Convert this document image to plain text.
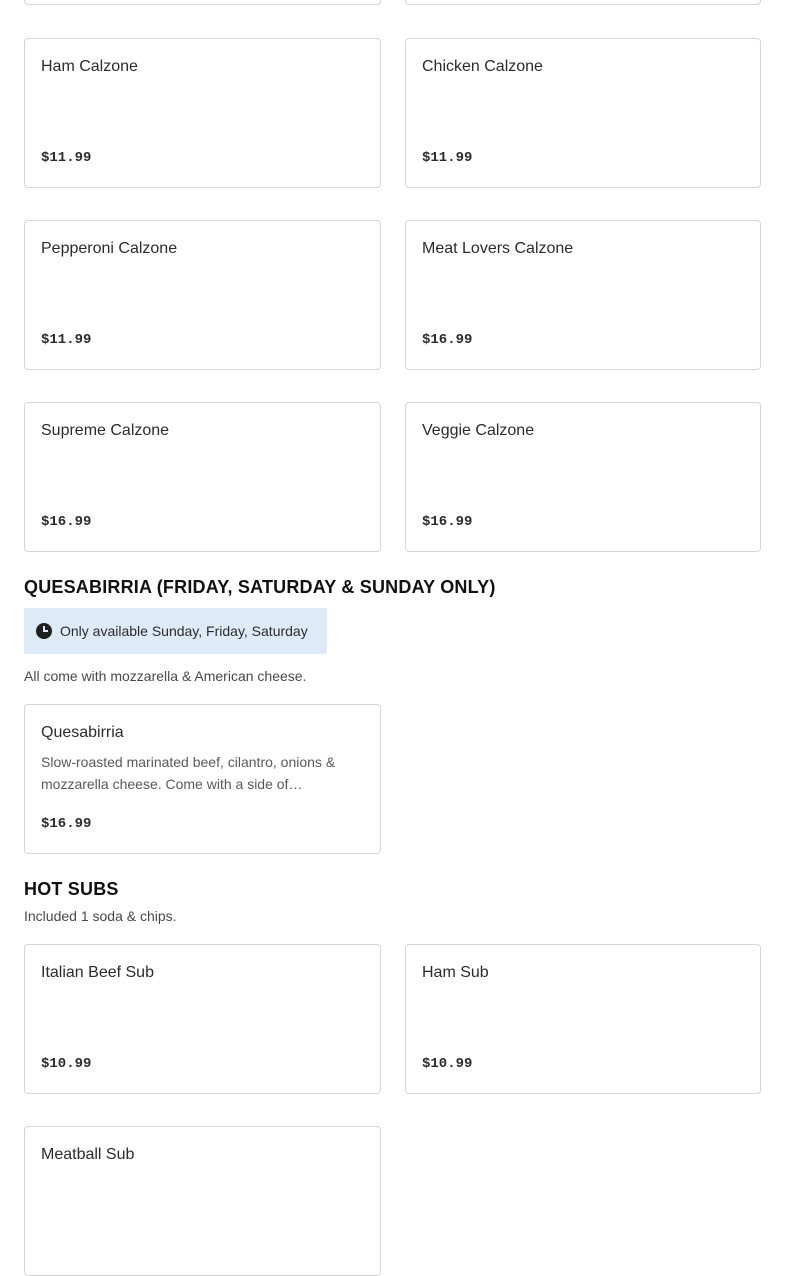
Ham Calzone

$11.99

Chicken Calzone

$11.99

Pepperoni Calzone

$11.99

Meat Lovers Calzone

$16.99

Supreme Calzone

$16.99

Veggie Calzone

$16.99
QUESABIRRIA (FRIDAY, SATURDAY & SUNDAY ONLY)
Only available Sunday, Friday, Saturday

All come with mozzarella & American cheese.

Quesabirria

Slow-roasted marinated beef, cilantro, onions & mozzarella cheese. Come with a side of…

$16.99
HOT SUBS

Included 1 soda & chips.

Italian Beef Sub

$10.99

Ham Sub

$10.99

Meatball Sub
